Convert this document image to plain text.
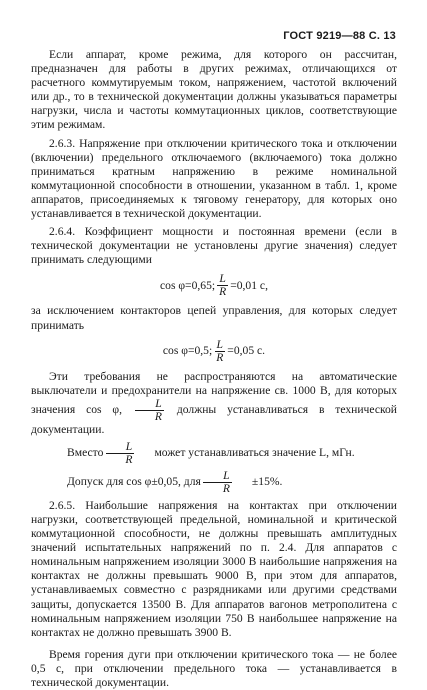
ГОСТ 9219—88 С. 13

Если аппарат, кроме режима, для которого он рассчитан, предназначен для работы в других режимах, отличающихся от расчетного коммутируемым током, напряжением, частотой включений или др., то в технической документации должны указываться параметры нагрузки, числа и частоты коммутационных циклов, соответствующие этим режимам.

2.6.3. Напряжение при отключении критического тока и отключении (включении) предельного отключаемого (включаемого) тока должно приниматься кратным напряжению в режиме номинальной коммутационной способности в отношении, указанном в табл. 1, кроме аппаратов, присоединяемых к тяговому генератору, для которых оно устанавливается в технической документации.

2.6.4. Коэффициент мощности и постоянная времени (если в технической документации не установлены другие значения) следует принимать следующими

cos φ=0,65; $\frac{L}{R} =0,01$ с,

за исключением контакторов цепей управления, для которых следует принимать

cos φ=0,5; $\frac{L}{R} =0,05$ с.

Эти требования не распространяются на автоматические выключатели и предохранители на напряжение св. 1000 В, для которых значения cos φ, $\frac{L}{R}$ должны устанавливаться в технической документации.

Вместо $\frac{L}{R}$	может устанавливаться значение L, мГн.
Допуск для cos φ±0,05, для $\frac{L}{R}$	±15%.

2.6.5. Наибольшие напряжения на контактах при отключении нагрузки, соответствующей предельной, номинальной и критической коммутационной способности, не должны превышать амплитудных значений испытательных напряжений по п. 2.4. Для аппаратов с номинальным напряжением изоляции 3000 В наибольшие напряжения на контактах не должны превышать 9000 В, при этом для аппаратов, устанавливаемых совместно с разрядниками или другими средствами защиты, допускается 13500 В. Для аппаратов вагонов метрополитена с номинальным напряжением изоляции 750 В наибольшее напряжение на контактах не должно превышать 3900 В.

Время горения дуги при отключении критического тока — не более 0,5 с, при отключении предельного тока — устанавливается в технической документации.
